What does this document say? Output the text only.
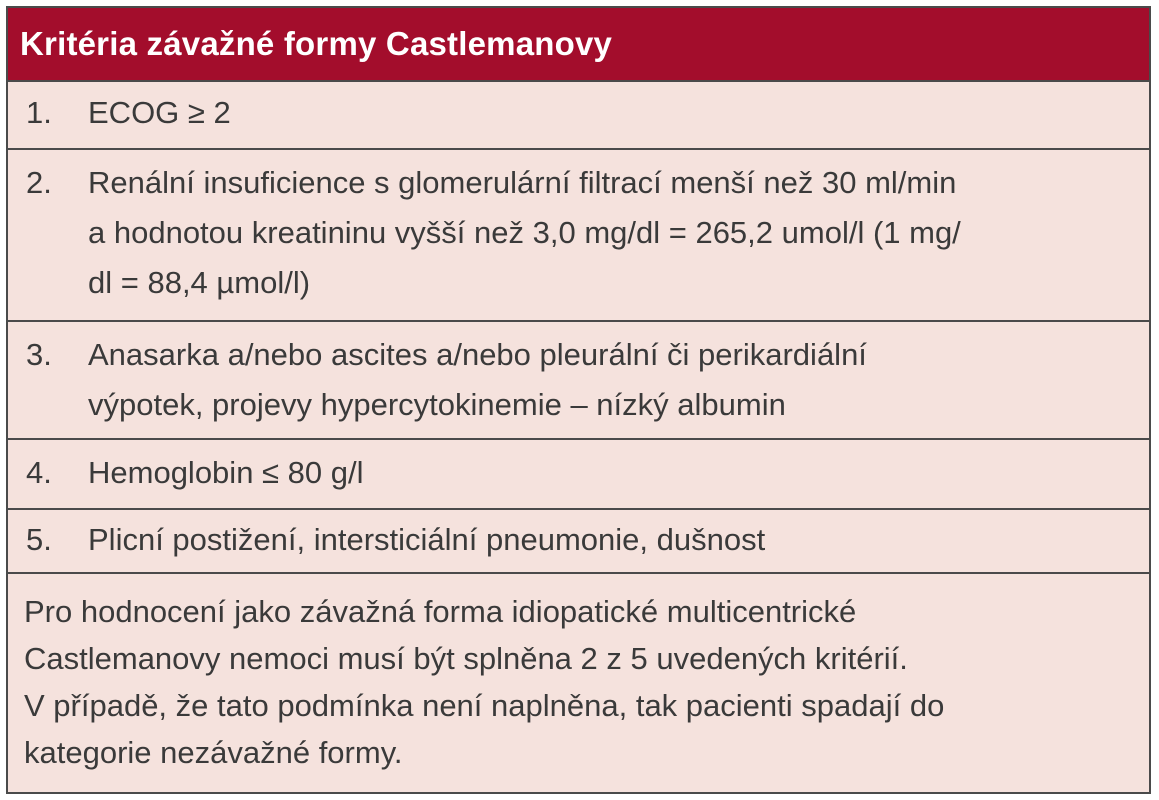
Kritéria závažné formy Castlemanovy
1.	ECOG ≥ 2
2.	Renální insuficience s glomerulární filtrací menší než 30 ml/min
a hodnotou kreatininu vyšší než 3,0 mg/dl = 265,2 umol/l (1 mg/
dl = 88,4 µmol/l)
3.	Anasarka a/nebo ascites a/nebo pleurální či perikardiální
výpotek, projevy hypercytokinemie – nízký albumin
4.	Hemoglobin ≤ 80 g/l
5.	Plicní postižení, intersticiální pneumonie, dušnost
Pro hodnocení jako závažná forma idiopatické multicentrické
Castlemanovy nemoci musí být splněna 2 z 5 uvedených kritérií.
V případě, že tato podmínka není naplněna, tak pacienti spadají do
kategorie nezávažné formy.
